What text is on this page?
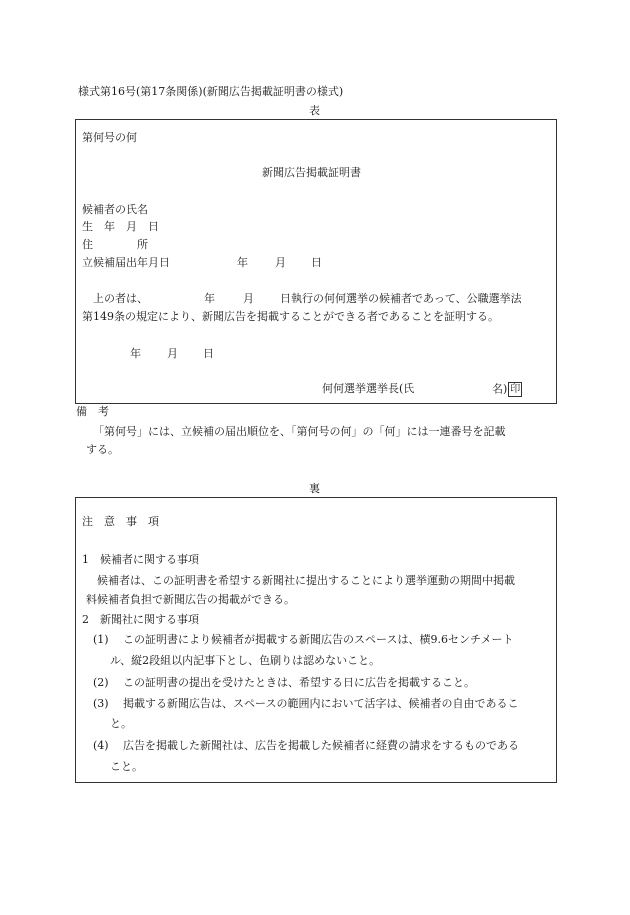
様式第16号(第17条関係)(新聞広告掲載証明書の様式)
表
第何号の何
新聞広告掲載証明書
候補者の氏名
生　年　月　日
住　　　　所
立候補届出年月日	年 月 日
上の者は、	年	月 日執行の何何選挙の候補者であって、公職選挙法
第149条の規定により、新聞広告を掲載することができる者であることを証明する。
年 月 日
何何選挙選挙長(氏	名) 印
備　考
「第何号」には、立候補の届出順位を、「第何号の何」の「何」には一連番号を記載
する。
裏
注　意　事　項
1　候補者に関する事項
候補者は、この証明書を希望する新聞社に提出することにより選挙運動の期間中掲載
料候補者負担で新聞広告の掲載ができる。
2　新聞社に関する事項
(1) この証明書により候補者が掲載する新聞広告のスペースは、横9.6センチメート
ル、縦2段組以内記事下とし、色刷りは認めないこと。
(2) この証明書の提出を受けたときは、希望する日に広告を掲載すること。
(3) 掲載する新聞広告は、スペースの範囲内において活字は、候補者の自由であるこ
と。
(4) 広告を掲載した新聞社は、広告を掲載した候補者に経費の請求をするものである
こと。
